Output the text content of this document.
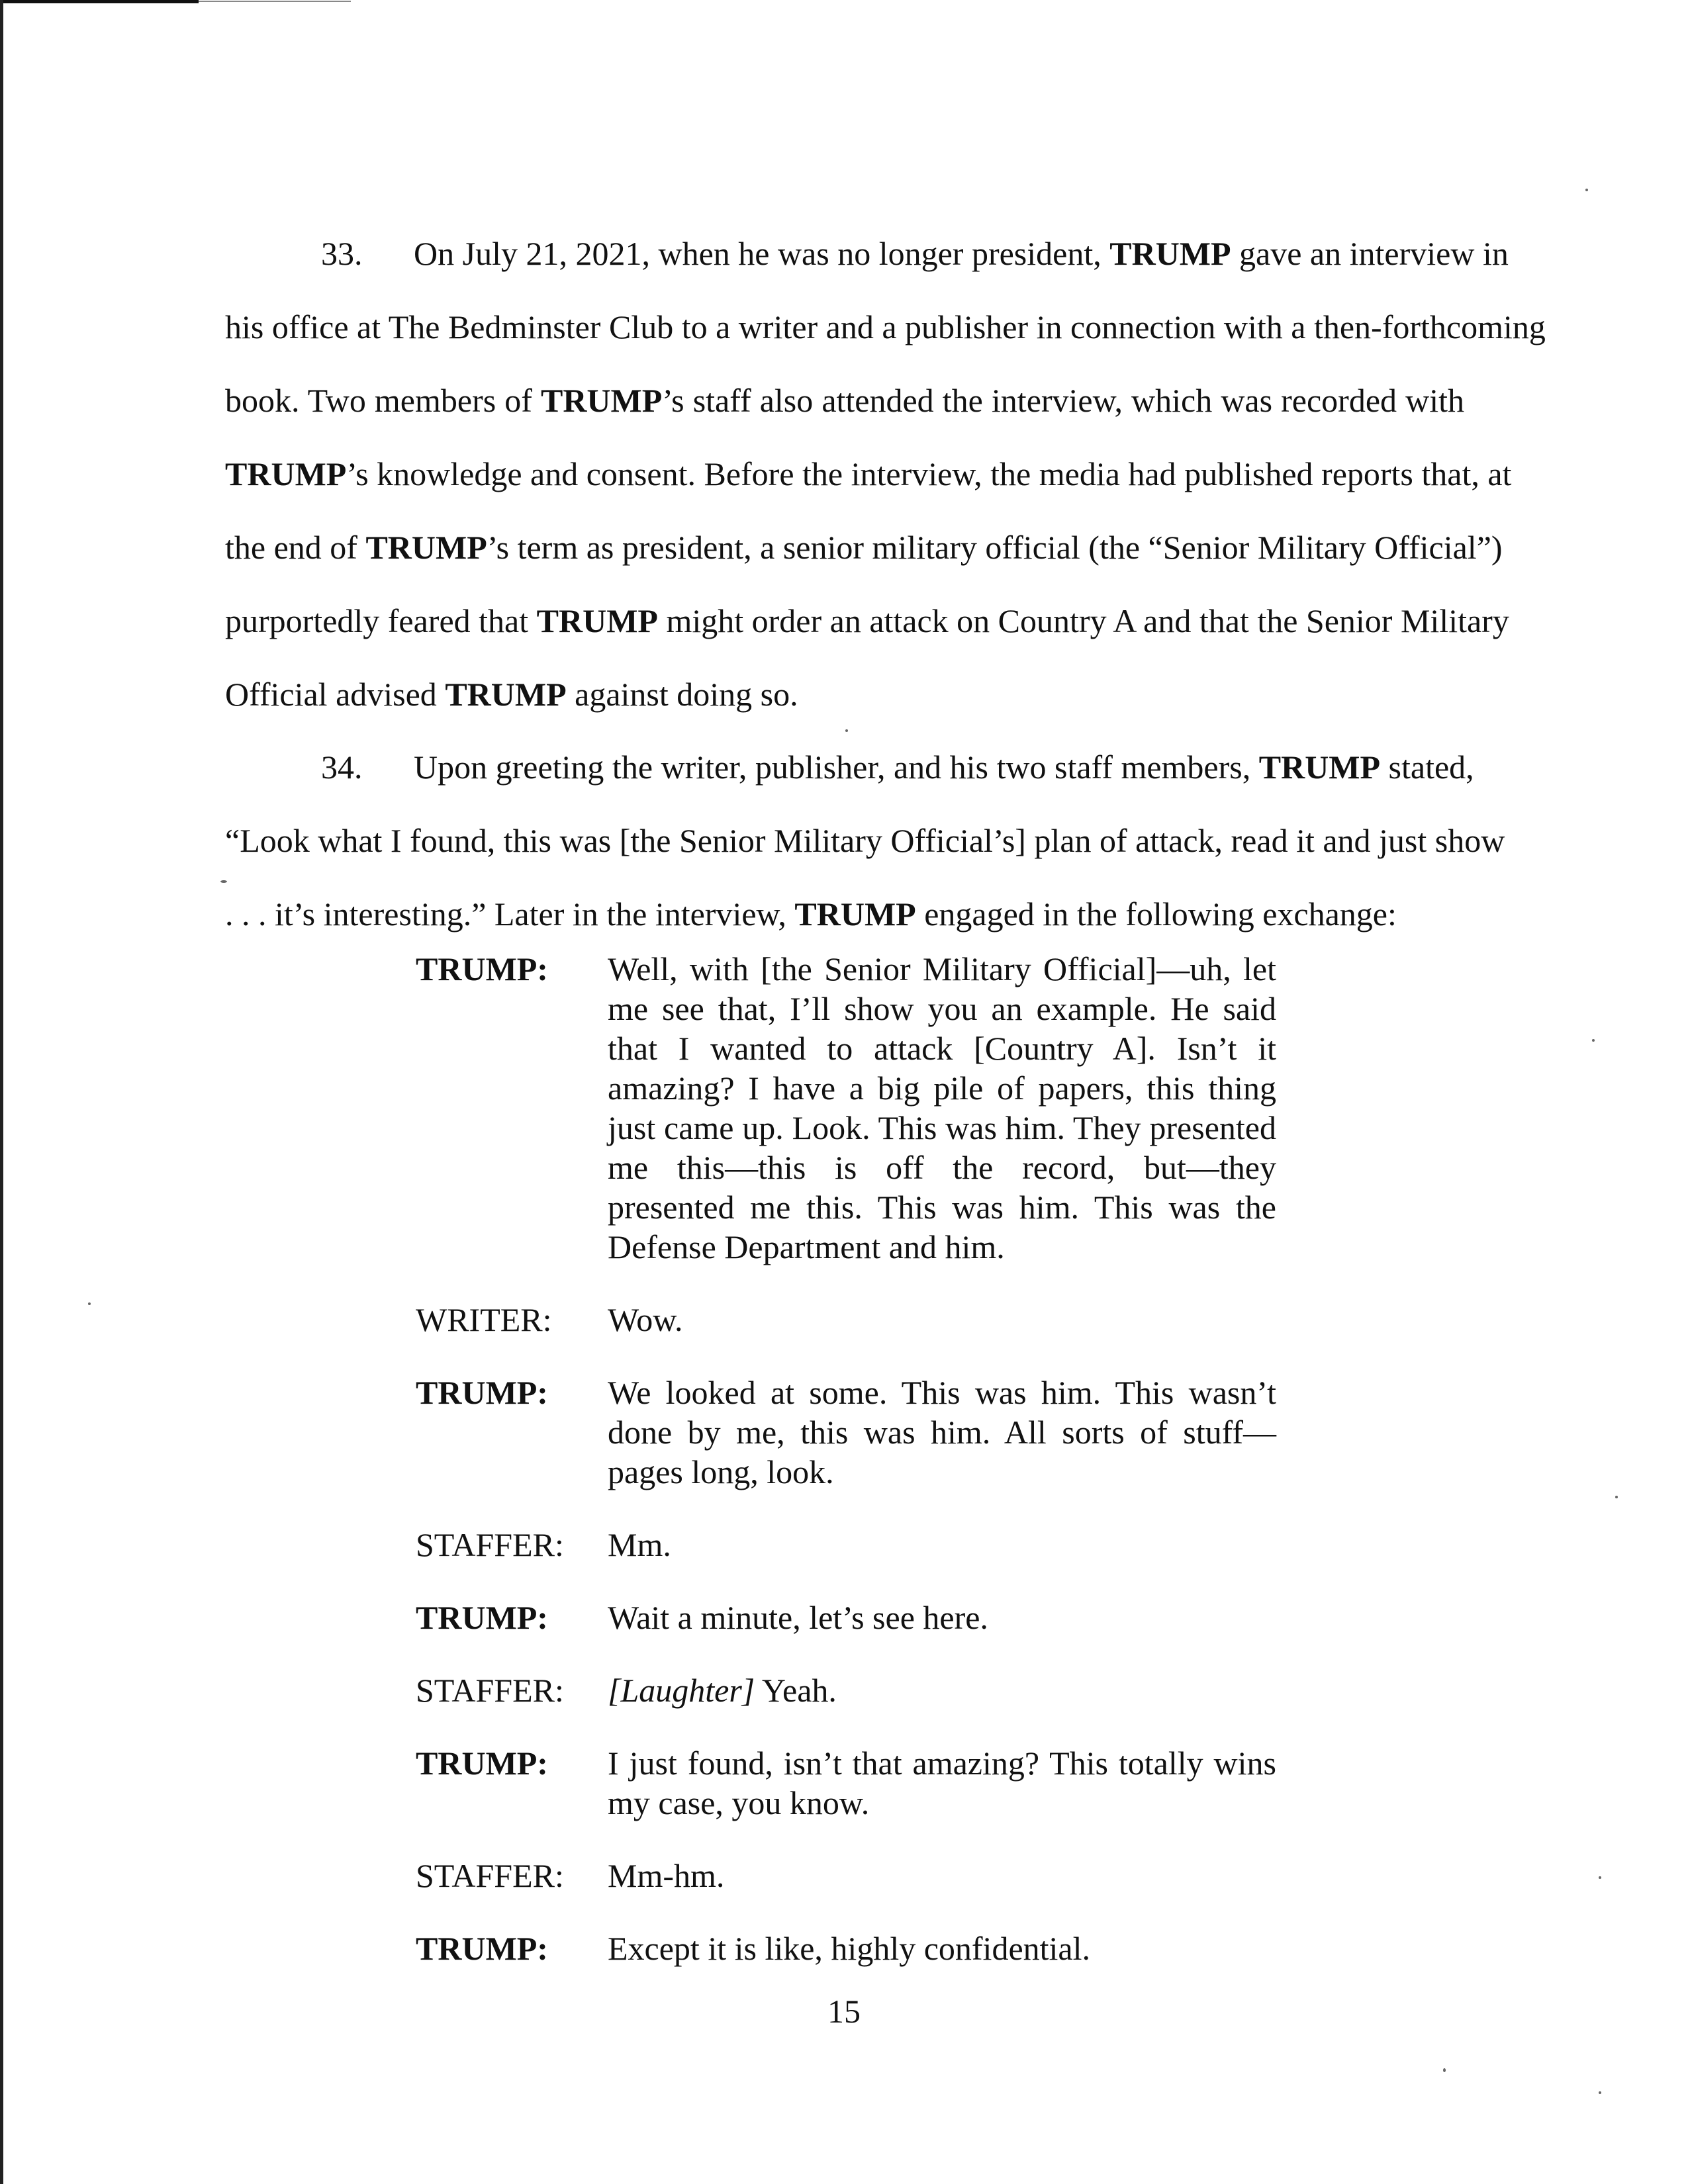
33. On July 21, 2021, when he was no longer president, TRUMP gave an interview in
his office at The Bedminster Club to a writer and a publisher in connection with a then-forthcoming
book. Two members of TRUMP’s staff also attended the interview, which was recorded with
TRUMP’s knowledge and consent. Before the interview, the media had published reports that, at
the end of TRUMP’s term as president, a senior military official (the “Senior Military Official”)
purportedly feared that TRUMP might order an attack on Country A and that the Senior Military
Official advised TRUMP against doing so.
34. Upon greeting the writer, publisher, and his two staff members, TRUMP stated,
“Look what I found, this was [the Senior Military Official’s] plan of attack, read it and just show
. . . it’s interesting.” Later in the interview, TRUMP engaged in the following exchange:
TRUMP:	Well, with [the Senior Military Official]—uh, let me see that, I’ll show you an example. He said that I wanted to attack [Country A]. Isn’t it amazing? I have a big pile of papers, this thing just came up. Look. This was him. They presented me this—this is off the record, but—they presented me this. This was him. This was the Defense Department and him.
WRITER:	Wow.
TRUMP:	We looked at some. This was him. This wasn’t done by me, this was him. All sorts of stuff—pages long, look.
STAFFER:	Mm.
TRUMP:	Wait a minute, let’s see here.
STAFFER:	[Laughter] Yeah.
TRUMP:	I just found, isn’t that amazing? This totally wins my case, you know.
STAFFER:	Mm-hm.
TRUMP:	Except it is like, highly confidential.
15
